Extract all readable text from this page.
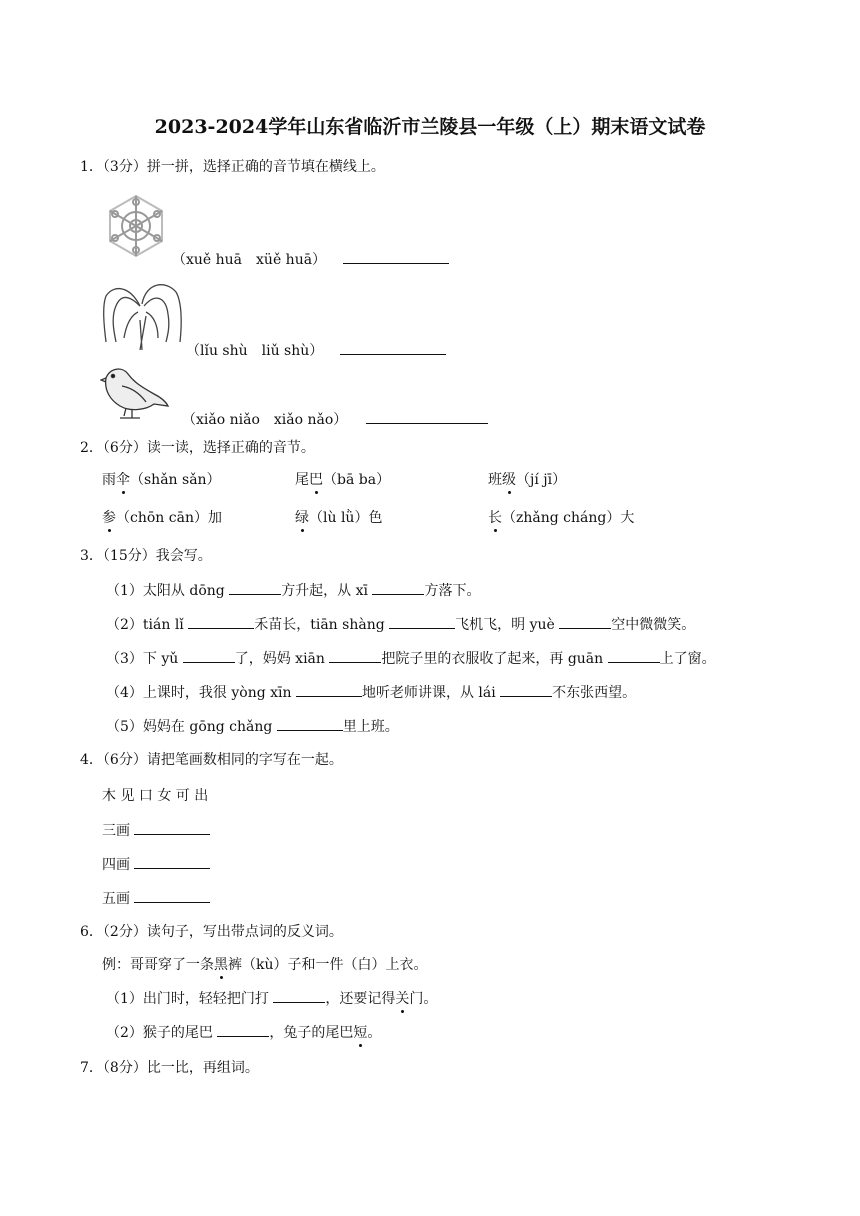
2023-2024学年山东省临沂市兰陵县一年级（上）期末语文试卷
1．（3分）拼一拼，选择正确的音节填在横线上。
（xuě huā　xüě huā）
（lǐu shù　liǔ shù）
（xiǎo niǎo　xiǎo nǎo）
2．（6分）读一读，选择正确的音节。
雨伞（shǎn sǎn）	尾巴（bā ba）	班级（jí jī）
参（chōn cān）加	绿（lù lǜ）色	长（zhǎng cháng）大
3．（15分）我会写。
（1）太阳从 dōng	方升起，从 xī	方落下。
（2）tián lǐ	禾苗长，tiān shàng	飞机飞，明 yuè	空中微微笑。
（3）下 yǔ	了，妈妈 xiān	把院子里的衣服收了起来，再 guān	上了窗。
（4）上课时，我很 yòng xīn	地听老师讲课，从 lái	不东张西望。
（5）妈妈在 gōng chǎng	里上班。
4．（6分）请把笔画数相同的字写在一起。
木 见 口 女 可 出
三画
四画
五画
6．（2分）读句子，写出带点词的反义词。
例：哥哥穿了一条黑裤（kù）子和一件（白）上衣。
（1）出门时，轻轻把门打	，还要记得关门。
（2）猴子的尾巴	，兔子的尾巴短。
7．（8分）比一比，再组词。
